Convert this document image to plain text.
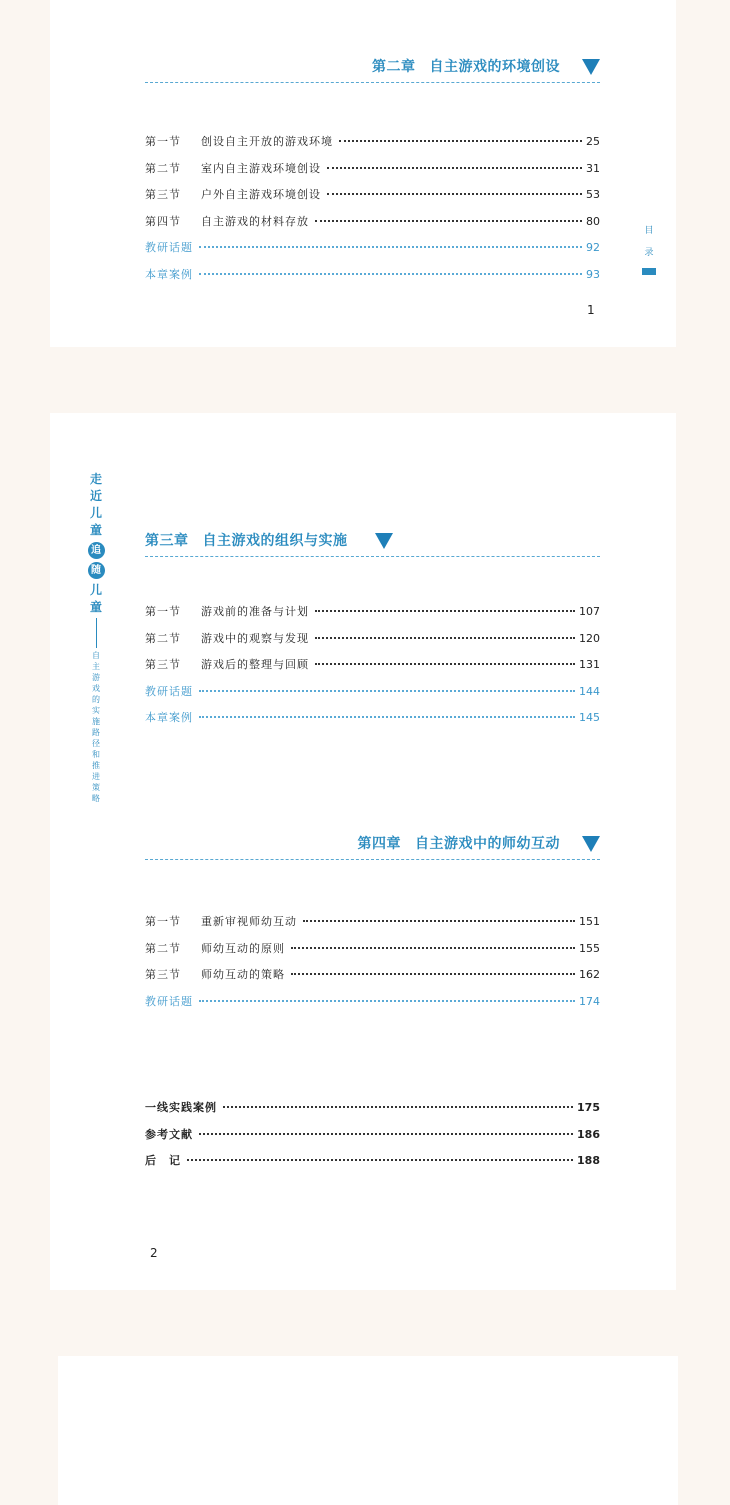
第二章 自主游戏的环境创设
第一节	创设自主开放的游戏环境	25
第二节	室内自主游戏环境创设	31
第三节	户外自主游戏环境创设	53
第四节	自主游戏的材料存放	80
教研话题	92
本章案例	93
目
录
1
走
近
儿
童
追
随
儿
童
自
主
游
戏
的
实
施
路
径
和
推
进
策
略
第三章 自主游戏的组织与实施
第一节	游戏前的准备与计划	107
第二节	游戏中的观察与发现	120
第三节	游戏后的整理与回顾	131
教研话题	144
本章案例	145
第四章 自主游戏中的师幼互动
第一节	重新审视师幼互动	151
第二节	师幼互动的原则	155
第三节	师幼互动的策略	162
教研话题	174
一线实践案例	175
参考文献	186
后　记	188
2
